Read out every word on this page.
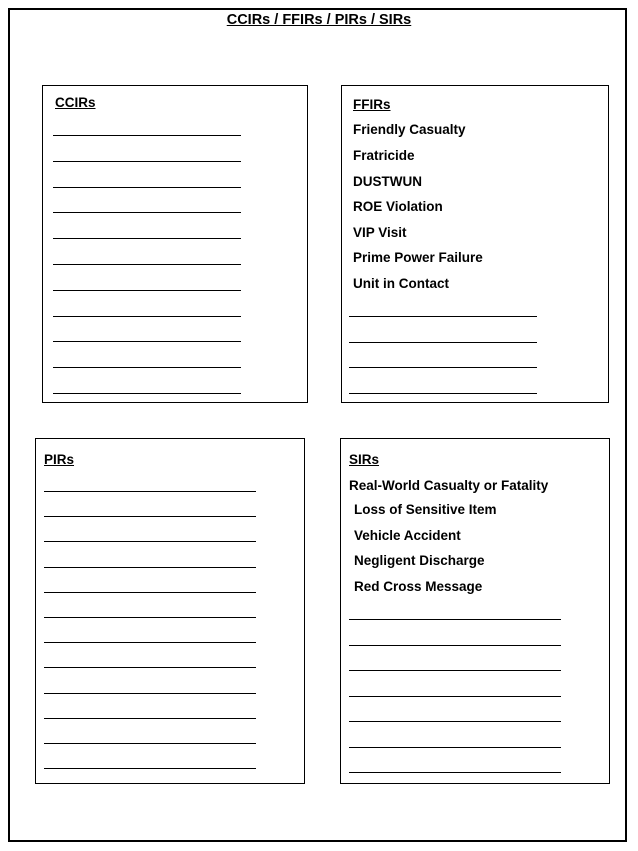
CCIRs / FFIRs / PIRs / SIRs
CCIRs	FFIRs
Friendly Casualty
Fratricide
DUSTWUN
ROE Violation
VIP Visit
Prime Power Failure
Unit in Contact
PIRs	SIRs
Real-World Casualty or Fatality
Loss of Sensitive Item
Vehicle Accident
Negligent Discharge
Red Cross Message
